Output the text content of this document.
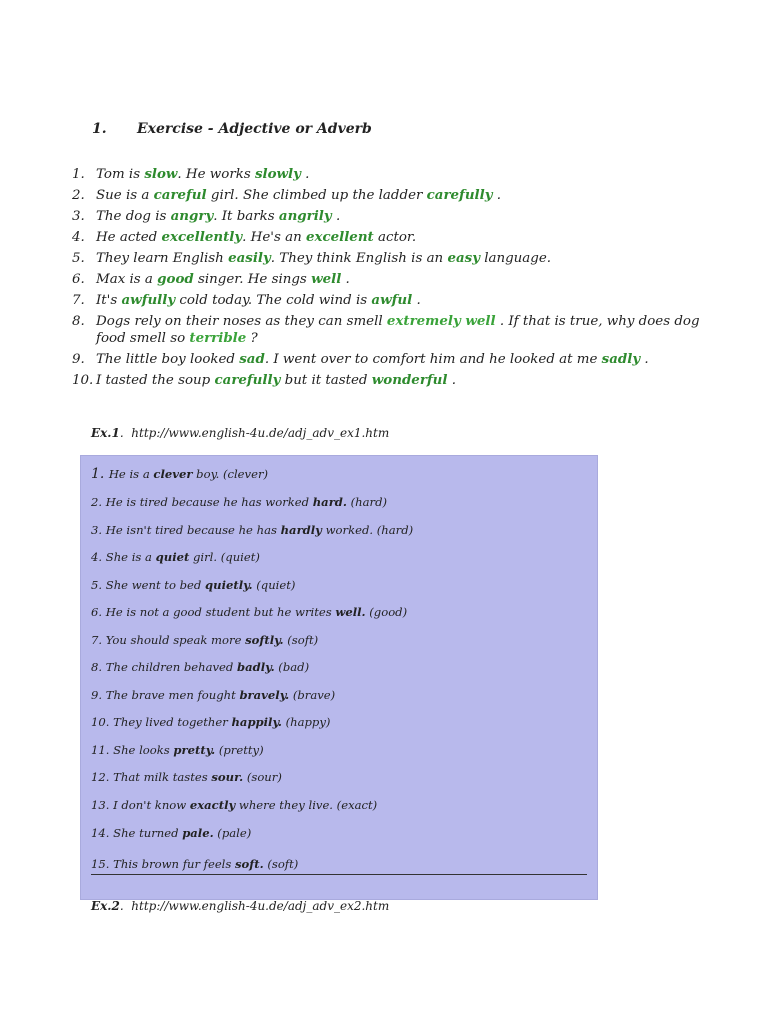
1. Exercise - Adjective or Adverb
1. Tom is slow. He works slowly .
2. Sue is a careful girl. She climbed up the ladder carefully .
3. The dog is angry. It barks angrily .
4. He acted excellently. He's an excellent actor.
5. They learn English easily. They think English is an easy language.
6. Max is a good singer. He sings well .
7. It's awfully cold today. The cold wind is awful .
8. Dogs rely on their noses as they can smell extremely well . If that is true, why does dog food smell so terrible ?
9. The little boy looked sad. I went over to comfort him and he looked at me sadly .
10. I tasted the soup carefully but it tasted wonderful .
Ex.1. http://www.english-4u.de/adj_adv_ex1.htm
1. He is a clever boy. (clever)
2. He is tired because he has worked hard. (hard)
3. He isn't tired because he has hardly worked. (hard)
4. She is a quiet girl. (quiet)
5. She went to bed quietly. (quiet)
6. He is not a good student but he writes well. (good)
7. You should speak more softly. (soft)
8. The children behaved badly. (bad)
9. The brave men fought bravely. (brave)
10. They lived together happily. (happy)
11. She looks pretty. (pretty)
12. That milk tastes sour. (sour)
13. I don't know exactly where they live. (exact)
14. She turned pale. (pale)
15. This brown fur feels soft. (soft)
Ex.2. http://www.english-4u.de/adj_adv_ex2.htm
